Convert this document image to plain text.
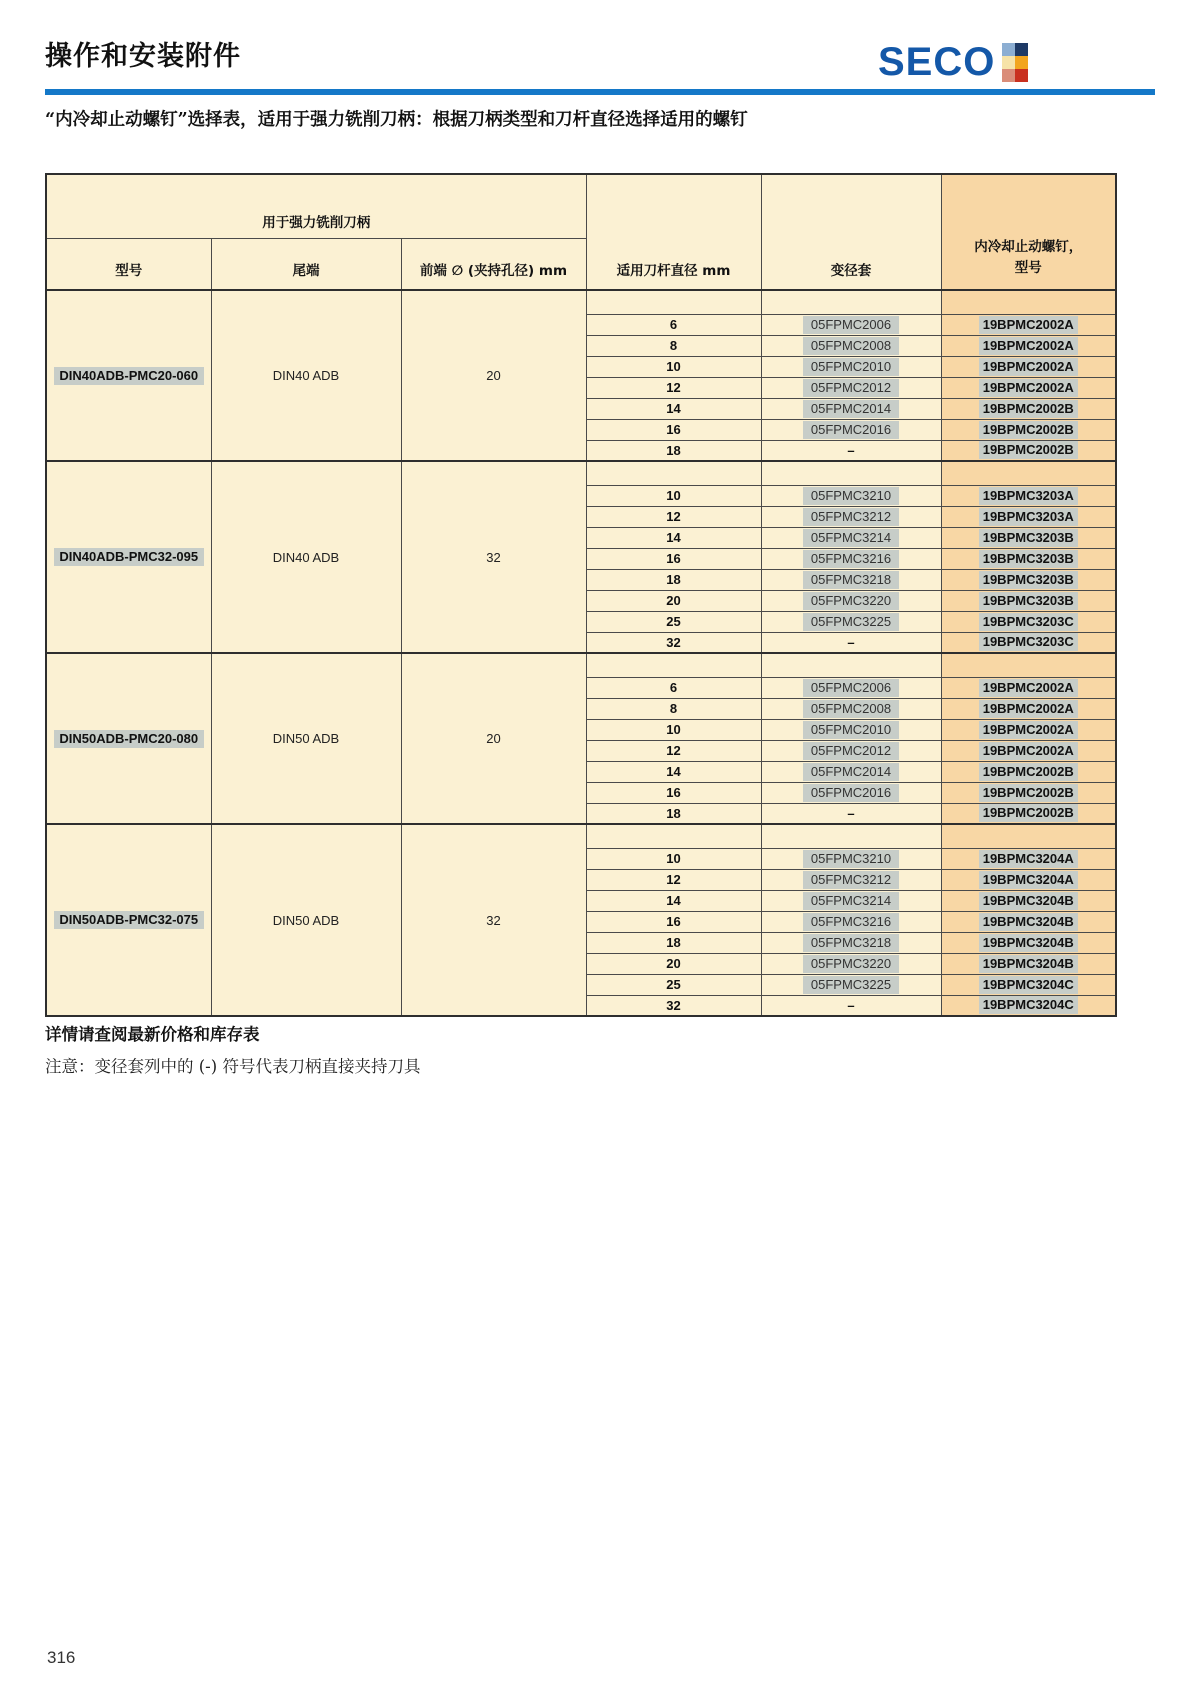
操作和安装附件	SECO
“内冷却止动螺钉”选择表，适用于强力铣削刀柄：根据刀柄类型和刀杆直径选择适用的螺钉
用于强力铣削刀柄			适用刀杆直径 mm	变径套	内冷却止动螺钉，
型号
型号	尾端	前端 ∅ (夹持孔径) mm			
DIN40ADB-PMC20-060	DIN40 ADB	20			
			6	05FPMC2006	19BPMC2002A
			8	05FPMC2008	19BPMC2002A
			10	05FPMC2010	19BPMC2002A
			12	05FPMC2012	19BPMC2002A
			14	05FPMC2014	19BPMC2002B
			16	05FPMC2016	19BPMC2002B
			18	–	19BPMC2002B
DIN40ADB-PMC32-095	DIN40 ADB	32			
			10	05FPMC3210	19BPMC3203A
			12	05FPMC3212	19BPMC3203A
			14	05FPMC3214	19BPMC3203B
			16	05FPMC3216	19BPMC3203B
			18	05FPMC3218	19BPMC3203B
			20	05FPMC3220	19BPMC3203B
			25	05FPMC3225	19BPMC3203C
			32	–	19BPMC3203C
DIN50ADB-PMC20-080	DIN50 ADB	20			
			6	05FPMC2006	19BPMC2002A
			8	05FPMC2008	19BPMC2002A
			10	05FPMC2010	19BPMC2002A
			12	05FPMC2012	19BPMC2002A
			14	05FPMC2014	19BPMC2002B
			16	05FPMC2016	19BPMC2002B
			18	–	19BPMC2002B
DIN50ADB-PMC32-075	DIN50 ADB	32			
			10	05FPMC3210	19BPMC3204A
			12	05FPMC3212	19BPMC3204A
			14	05FPMC3214	19BPMC3204B
			16	05FPMC3216	19BPMC3204B
			18	05FPMC3218	19BPMC3204B
			20	05FPMC3220	19BPMC3204B
			25	05FPMC3225	19BPMC3204C
			32	–	19BPMC3204C
详情请查阅最新价格和库存表
注意：变径套列中的 (-) 符号代表刀柄直接夹持刀具
316
